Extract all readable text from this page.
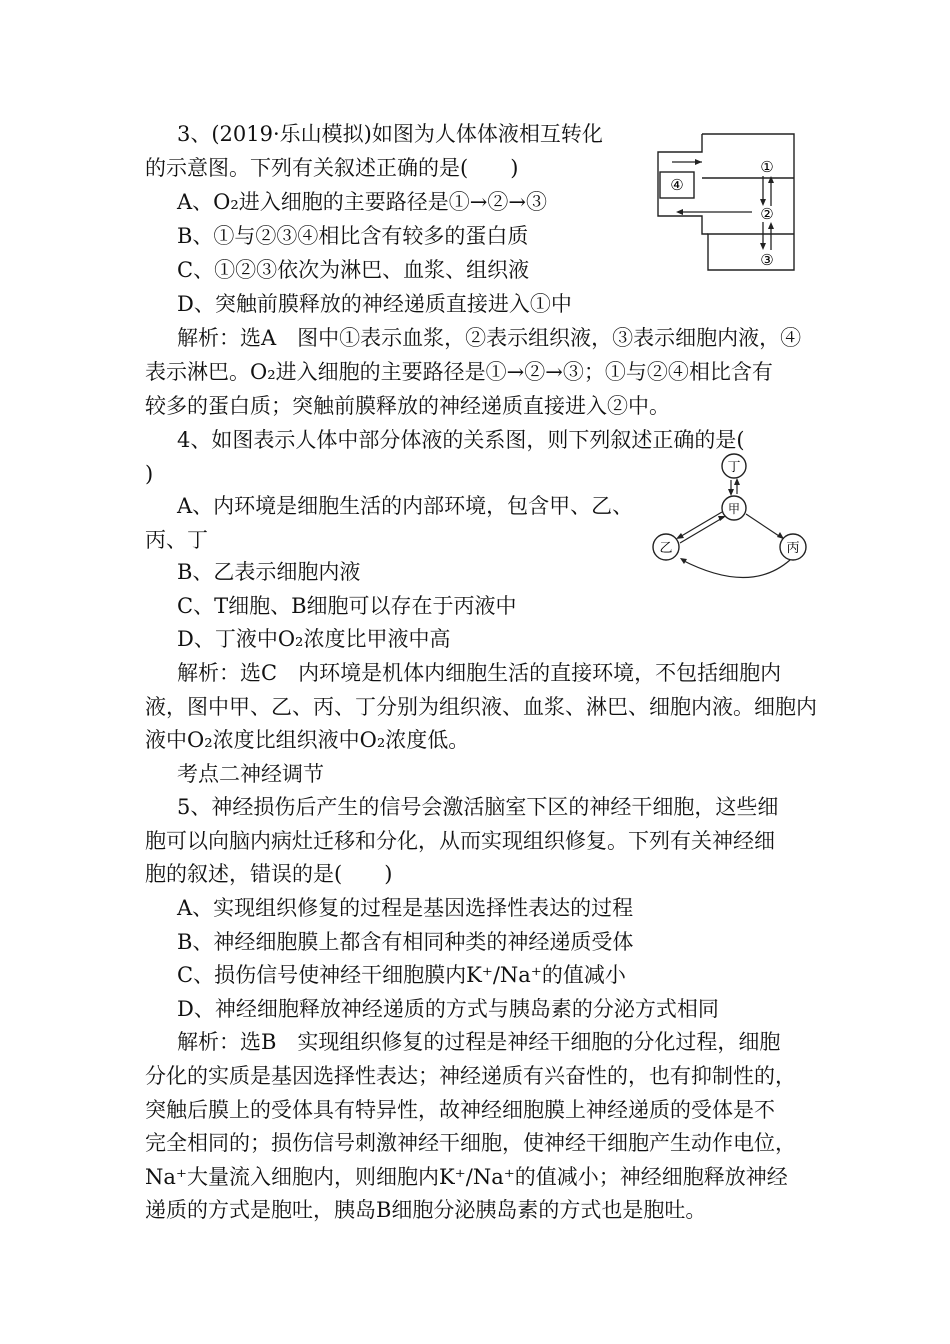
3、(2019·乐山模拟)如图为人体体液相互转化
的示意图。下列有关叙述正确的是(　　)
A、O₂进入细胞的主要路径是①→②→③
B、①与②③④相比含有较多的蛋白质
C、①②③依次为淋巴、血浆、组织液
D、突触前膜释放的神经递质直接进入①中
解析：选A　图中①表示血浆，②表示组织液，③表示细胞内液，④
表示淋巴。O₂进入细胞的主要路径是①→②→③；①与②④相比含有
较多的蛋白质；突触前膜释放的神经递质直接进入②中。
①
②
③
④
4、如图表示人体中部分体液的关系图，则下列叙述正确的是(
)
A、内环境是细胞生活的内部环境，包含甲、乙、
丙、丁
B、乙表示细胞内液
C、T细胞、B细胞可以存在于丙液中
D、丁液中O₂浓度比甲液中高
解析：选C　内环境是机体内细胞生活的直接环境，不包括细胞内
液，图中甲、乙、丙、丁分别为组织液、血浆、淋巴、细胞内液。细胞内
液中O₂浓度比组织液中O₂浓度低。
丁
甲
乙	丙
考点二神经调节
5、神经损伤后产生的信号会激活脑室下区的神经干细胞，这些细
胞可以向脑内病灶迁移和分化，从而实现组织修复。下列有关神经细
胞的叙述，错误的是(　　)
A、实现组织修复的过程是基因选择性表达的过程
B、神经细胞膜上都含有相同种类的神经递质受体
C、损伤信号使神经干细胞膜内K⁺/Na⁺的值减小
D、神经细胞释放神经递质的方式与胰岛素的分泌方式相同
解析：选B　实现组织修复的过程是神经干细胞的分化过程，细胞
分化的实质是基因选择性表达；神经递质有兴奋性的，也有抑制性的，
突触后膜上的受体具有特异性，故神经细胞膜上神经递质的受体是不
完全相同的；损伤信号刺激神经干细胞，使神经干细胞产生动作电位，
Na⁺大量流入细胞内，则细胞内K⁺/Na⁺的值减小；神经细胞释放神经
递质的方式是胞吐，胰岛B细胞分泌胰岛素的方式也是胞吐。
